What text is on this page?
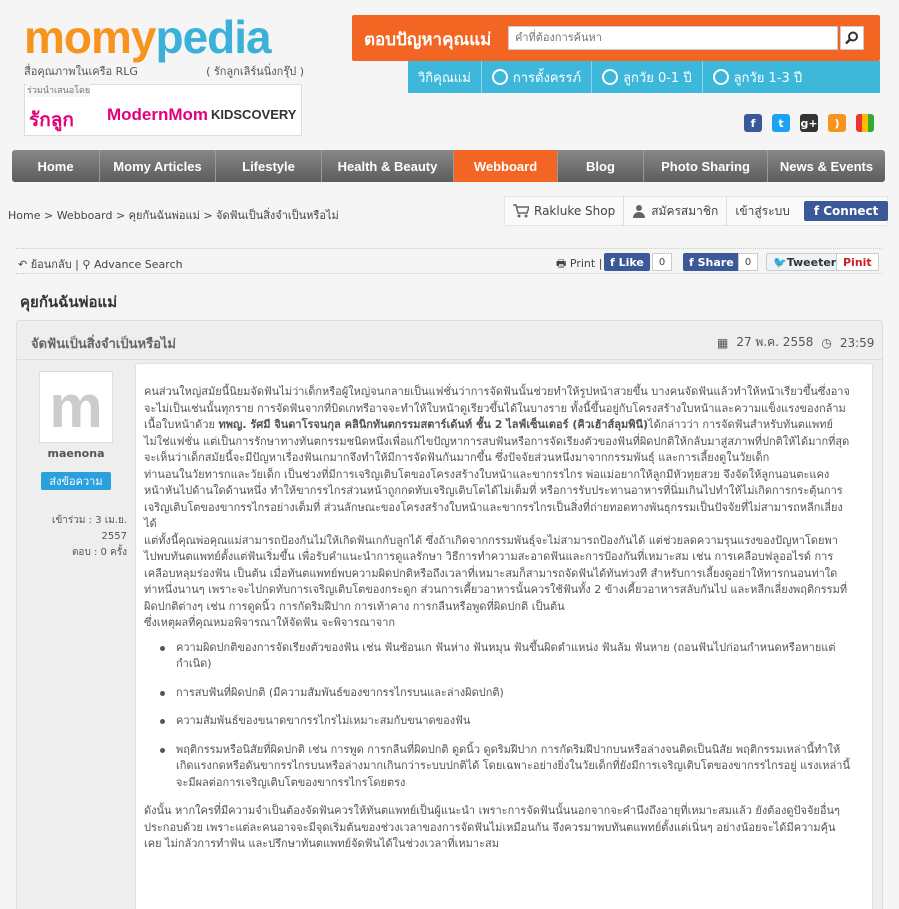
momypedia
สื่อคุณภาพในเครือ RLG	( รักลูกเลิร์นนิ่งกรุ๊ป )
ร่วมนำเสนอโดย
รักลูก ModernMom KIDSCOVERY
ตอบปัญหาคุณแม่
คำที่ต้องการค้นหา
วิกิคุณแม่	การตั้งครรภ์	ลูกวัย 0-1 ปี	ลูกวัย 1-3 ปี
f	t	g+	)
Home	Momy Articles	Lifestyle	Health & Beauty	Webboard	Blog	Photo Sharing	News & Events
Home > Webboard > คุยกันฉันพ่อแม่ > จัดฟันเป็นสิ่งจำเป็นหรือไม่	Rakluke Shop	สมัครสมาชิก	เข้าสู่ระบบ	f Connect
↶ ย้อนกลับ | ⚲ Advance Search	🖶 Print | f Like	0	f Share	0	🐦 Tweeter Pinit
คุยกันฉันพ่อแม่
จัดฟันเป็นสิ่งจำเป็นหรือไม่	▦ 27 พ.ค. 2558 ◷ 23:59
m
maenona
ส่งข้อความ
เข้าร่วม : 3 เม.ย. 2557
ตอบ : 0 ครั้ง

คนส่วนใหญ่สมัยนี้นิยมจัดฟันไม่ว่าเด็กหรือผู้ใหญ่จนกลายเป็นแฟชั่นว่าการจัดฟันนั้นช่วยทำให้รูปหน้าสวยขึ้น บางคนจัดฟันแล้วทำให้หน้าเรียวขึ้นซึ่งอาจจะไม่เป็นเช่นนั้นทุกราย การจัดฟันจากที่บิดเกทรีอาจจะทำให้ใบหน้าดูเรียวขึ้นได้ในบางราย ทั้งนี้ขึ้นอยู่กับโครงสร้างใบหน้าและความแข็งแรงของกล้ามเนื้อใบหน้าด้วย ทพญ. รัศมี จินดาโรจนกุล คลินิกทันตกรรมสตาร์เด้นท์ ชั้น 2 ไลฟ์เซ็นเตอร์ (คิวเฮ้าส์ลุมพินี)ได้กล่าวว่า การจัดฟันสำหรับทันตแพทย์ไม่ใช่แฟชั่น แต่เป็นการรักษาทางทันตกรรมชนิดหนึ่งเพื่อแก้ไขปัญหาการสบฟันหรือการจัดเรียงตัวของฟันที่ผิดปกติให้กลับมาสู่สภาพที่ปกติให้ได้มากที่สุด จะเห็นว่าเด็กสมัยนี้จะมีปัญหาเรื่องฟันเกมากจึงทำให้มีการจัดฟันกันมากขึ้น ซึ่งปัจจัยส่วนหนึ่งมาจากกรรมพันธุ์ และการเลี้ยงดูในวัยเด็ก

ท่านอนในวัยทารกและวัยเด็ก เป็นช่วงที่มีการเจริญเติบโตของโครงสร้างใบหน้าและขากรรไกร พ่อแม่อยากให้ลูกมีหัวทุยสวย จึงจัดให้ลูกนอนตะแคงหน้าหันไปด้านใดด้านหนึ่ง ทำให้ขากรรไกรส่วนหน้าถูกกดทับเจริญเติบโตได้ไม่เต็มที่ หรือการรับประทานอาหารที่นิ่มเกินไปทำให้ไม่เกิดการกระตุ้นการเจริญเติบโตของขากรรไกรอย่างเต็มที่ ส่วนลักษณะของโครงสร้างใบหน้าและขากรรไกรเป็นสิ่งที่ถ่ายทอดทางพันธุกรรมเป็นปัจจัยที่ไม่สามารถหลีกเลี่ยงได้

แต่ทั้งนี้คุณพ่อคุณแม่สามารถป้องกันไม่ให้เกิดฟันเกกับลูกได้ ซึ่งถ้าเกิดจากกรรมพันธุ์จะไม่สามารถป้องกันได้ แต่ช่วยลดความรุนแรงของปัญหาโดยพาไปพบทันตแพทย์ตั้งแต่ฟันเริ่มขึ้น เพื่อรับคำแนะนำการดูแลรักษา วิธีการทำความสะอาดฟันและการป้องกันที่เหมาะสม เช่น การเคลือบฟลูออไรด์ การเคลือบหลุมร่องฟัน เป็นต้น เมื่อทันตแพทย์พบความผิดปกติหรือถึงเวลาที่เหมาะสมก็สามารถจัดฟันได้ทันท่วงที สำหรับการเลี้ยงดูอย่าให้ทารกนอนท่าใดท่าหนึ่งนานๆ เพราะจะไปกดทับการเจริญเติบโตของกระดูก ส่วนการเคี้ยวอาหารนั้นควรใช้ฟันทั้ง 2 ข้างเคี้ยวอาหารสลับกันไป และหลีกเลี่ยงพฤติกรรมที่ผิดปกติต่างๆ เช่น การดูดนิ้ว การกัดริมฝีปาก การเท้าคาง การกลืนหรือพูดที่ผิดปกติ เป็นต้น

ซึ่งเหตุผลที่คุณหมอพิจารณาให้จัดฟัน จะพิจารณาจาก

ความผิดปกติของการจัดเรียงตัวของฟัน เช่น ฟันซ้อนเก ฟันห่าง ฟันหมุน ฟันขึ้นผิดตำแหน่ง ฟันล้ม ฟันหาย (ถอนฟันไปก่อนกำหนดหรือหายแต่กำเนิด)
การสบฟันที่ผิดปกติ (มีความสัมพันธ์ของขากรรไกรบนและล่างผิดปกติ)
ความสัมพันธ์ของขนาดขากรรไกรไม่เหมาะสมกับขนาดของฟัน
พฤติกรรมหรือนิสัยที่ผิดปกติ เช่น การพูด การกลืนที่ผิดปกติ ดูดนิ้ว ดูดริมฝีปาก การกัดริมฝีปากบนหรือล่างจนติดเป็นนิสัย พฤติกรรมเหล่านี้ทำให้เกิดแรงกดหรือดันขากรรไกรบนหรือล่างมากเกินกว่าระบบปกติได้ โดยเฉพาะอย่างยิ่งในวัยเด็กที่ยังมีการเจริญเติบโตของขากรรไกรอยู่ แรงเหล่านี้จะมีผลต่อการเจริญเติบโตของขากรรไกรโดยตรง

ดังนั้น หากใครที่มีความจำเป็นต้องจัดฟันควรให้ทันตแพทย์เป็นผู้แนะนำ เพราะการจัดฟันนั้นนอกจากจะคำนึงถึงอายุที่เหมาะสมแล้ว ยังต้องดูปัจจัยอื่นๆ ประกอบด้วย เพราะแต่ละคนอาจจะมีจุดเริ่มต้นของช่วงเวลาของการจัดฟันไม่เหมือนกัน จึงควรมาพบทันตแพทย์ตั้งแต่เนิ่นๆ อย่างน้อยจะได้มีความคุ้นเคย ไม่กลัวการทำฟัน และปรึกษาทันตแพทย์จัดฟันได้ในช่วงเวลาที่เหมาะสม
